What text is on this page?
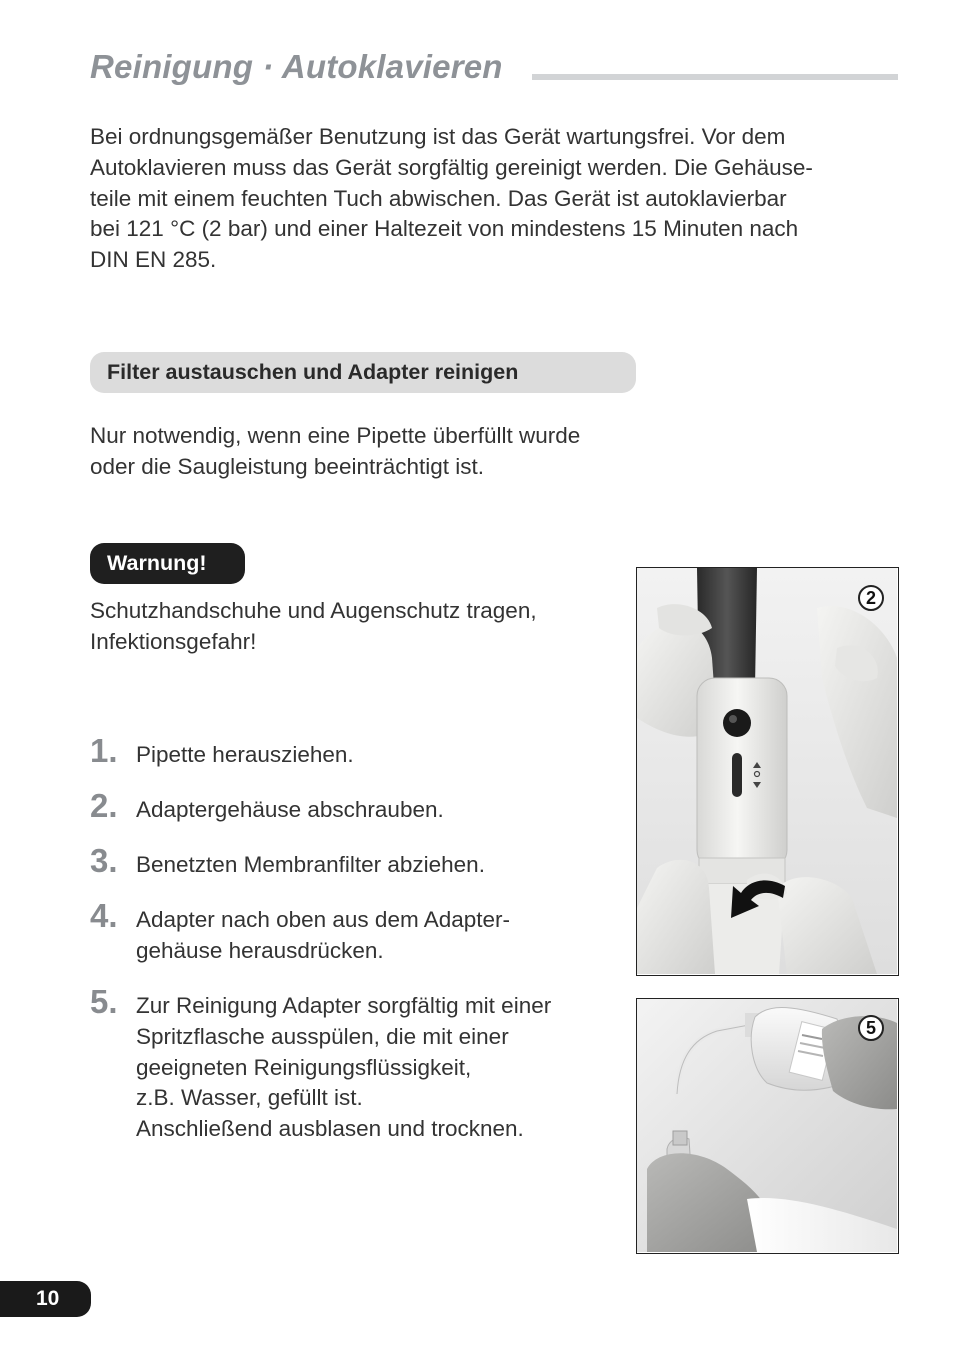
Reinigung · Autoklavieren
Bei ordnungsgemäßer Benutzung ist das Gerät wartungsfrei. Vor dem
Autoklavieren muss das Gerät sorgfältig gereinigt werden. Die Gehäuse-
teile mit einem feuchten Tuch abwischen. Das Gerät ist autoklavierbar
bei 121 °C (2 bar) und einer Haltezeit von mindestens 15 Minuten nach
DIN EN 285.
Filter austauschen und Adapter reinigen
Nur notwendig, wenn eine Pipette überfüllt wurde
oder die Saugleistung beeinträchtigt ist.
Warnung!
Schutzhandschuhe und Augenschutz tragen,
Infektionsgefahr!
1. Pipette herausziehen.
2. Adaptergehäuse abschrauben.
3. Benetzten Membranfilter abziehen.
4. Adapter nach oben aus dem Adapter-
gehäuse herausdrücken.
5. Zur Reinigung Adapter sorgfältig mit einer
Spritzflasche ausspülen, die mit einer
geeigneten Reinigungsflüssigkeit,
z.B. Wasser, gefüllt ist.
Anschließend ausblasen und trocknen.
2
5
10
